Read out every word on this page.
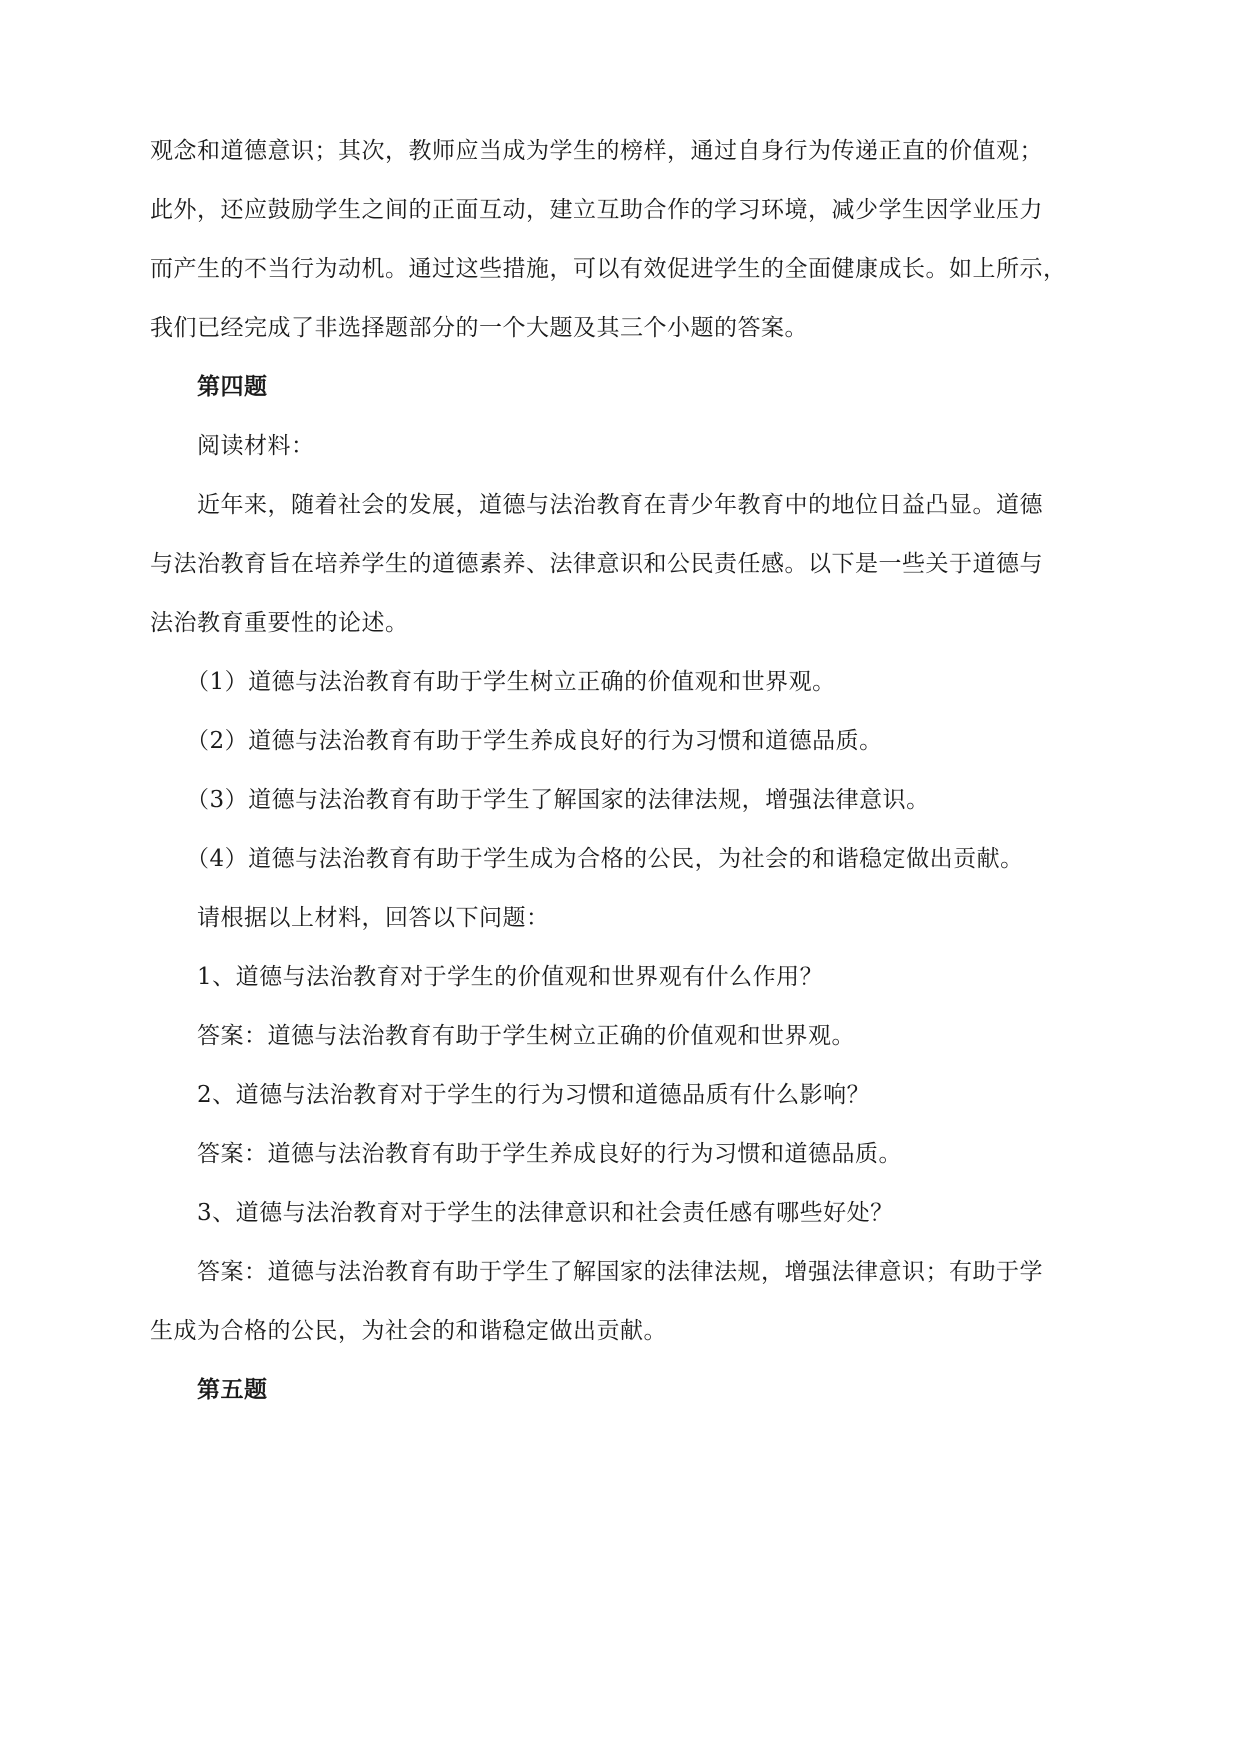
观念和道德意识；其次，教师应当成为学生的榜样，通过自身行为传递正直的价值观；
此外，还应鼓励学生之间的正面互动，建立互助合作的学习环境，减少学生因学业压力
而产生的不当行为动机。通过这些措施，可以有效促进学生的全面健康成长。如上所示，
我们已经完成了非选择题部分的一个大题及其三个小题的答案。
第四题
阅读材料：
近年来，随着社会的发展，道德与法治教育在青少年教育中的地位日益凸显。道德
与法治教育旨在培养学生的道德素养、法律意识和公民责任感。以下是一些关于道德与
法治教育重要性的论述。
（1）道德与法治教育有助于学生树立正确的价值观和世界观。
（2）道德与法治教育有助于学生养成良好的行为习惯和道德品质。
（3）道德与法治教育有助于学生了解国家的法律法规，增强法律意识。
（4）道德与法治教育有助于学生成为合格的公民，为社会的和谐稳定做出贡献。
请根据以上材料，回答以下问题：
1、道德与法治教育对于学生的价值观和世界观有什么作用？
答案：道德与法治教育有助于学生树立正确的价值观和世界观。
2、道德与法治教育对于学生的行为习惯和道德品质有什么影响？
答案：道德与法治教育有助于学生养成良好的行为习惯和道德品质。
3、道德与法治教育对于学生的法律意识和社会责任感有哪些好处？
答案：道德与法治教育有助于学生了解国家的法律法规，增强法律意识；有助于学
生成为合格的公民，为社会的和谐稳定做出贡献。
第五题
